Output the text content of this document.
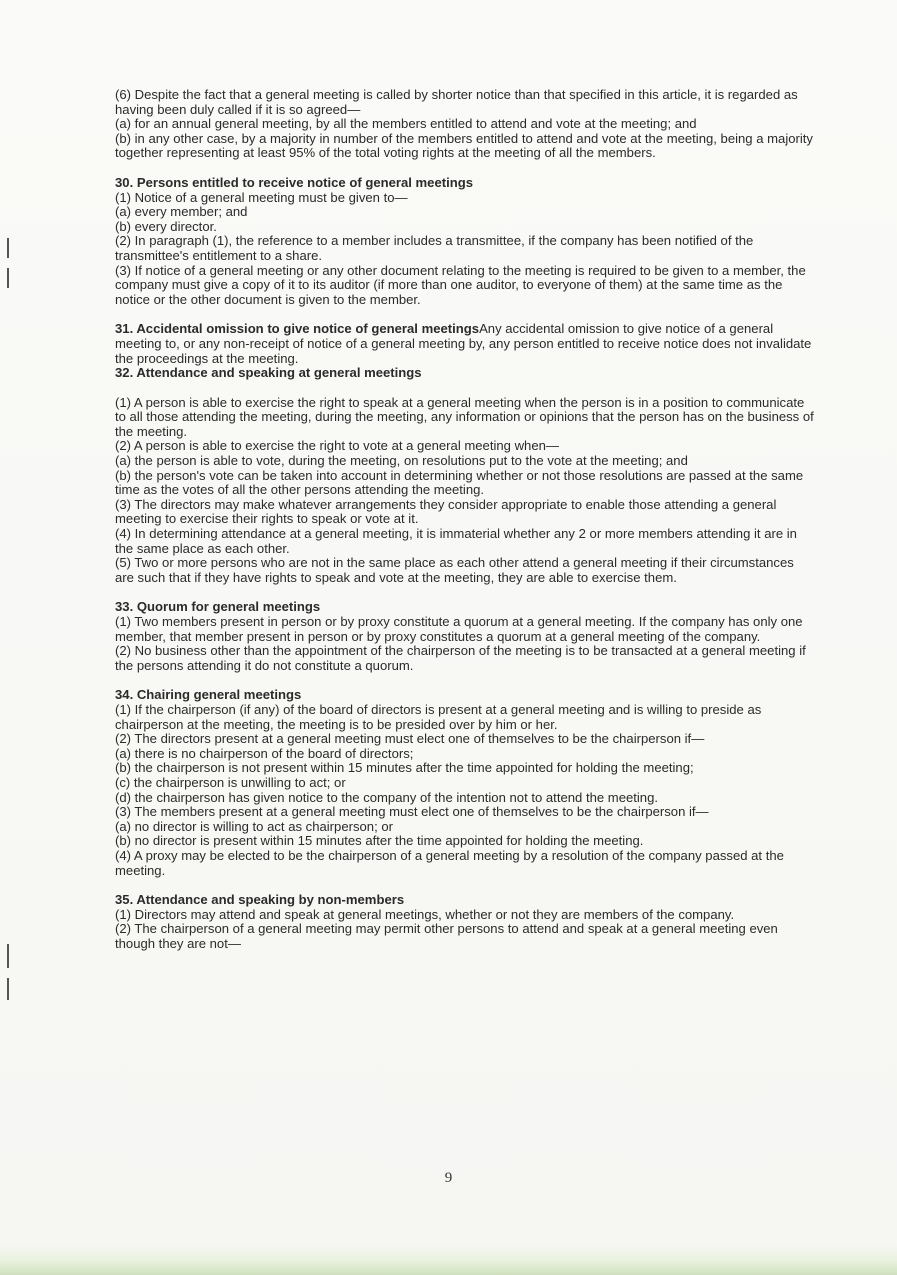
(6) Despite the fact that a general meeting is called by shorter notice than that specified in this article, it is regarded as having been duly called if it is so agreed—

(a) for an annual general meeting, by all the members entitled to attend and vote at the meeting; and

(b) in any other case, by a majority in number of the members entitled to attend and vote at the meeting, being a majority together representing at least 95% of the total voting rights at the meeting of all the members.

30. Persons entitled to receive notice of general meetings

(1) Notice of a general meeting must be given to—

(a) every member; and

(b) every director.

(2) In paragraph (1), the reference to a member includes a transmittee, if the company has been notified of the transmittee's entitlement to a share.

(3) If notice of a general meeting or any other document relating to the meeting is required to be given to a member, the company must give a copy of it to its auditor (if more than one auditor, to everyone of them) at the same time as the notice or the other document is given to the member.

31. Accidental omission to give notice of general meetingsAny accidental omission to give notice of a general meeting to, or any non-receipt of notice of a general meeting by, any person entitled to receive notice does not invalidate the proceedings at the meeting.

32. Attendance and speaking at general meetings

(1) A person is able to exercise the right to speak at a general meeting when the person is in a position to communicate to all those attending the meeting, during the meeting, any information or opinions that the person has on the business of the meeting.

(2) A person is able to exercise the right to vote at a general meeting when—

(a) the person is able to vote, during the meeting, on resolutions put to the vote at the meeting; and

(b) the person's vote can be taken into account in determining whether or not those resolutions are passed at the same time as the votes of all the other persons attending the meeting.

(3) The directors may make whatever arrangements they consider appropriate to enable those attending a general meeting to exercise their rights to speak or vote at it.

(4) In determining attendance at a general meeting, it is immaterial whether any 2 or more members attending it are in the same place as each other.

(5) Two or more persons who are not in the same place as each other attend a general meeting if their circumstances are such that if they have rights to speak and vote at the meeting, they are able to exercise them.

33. Quorum for general meetings

(1) Two members present in person or by proxy constitute a quorum at a general meeting. If the company has only one member, that member present in person or by proxy constitutes a quorum at a general meeting of the company.

(2) No business other than the appointment of the chairperson of the meeting is to be transacted at a general meeting if the persons attending it do not constitute a quorum.

34. Chairing general meetings

(1) If the chairperson (if any) of the board of directors is present at a general meeting and is willing to preside as chairperson at the meeting, the meeting is to be presided over by him or her.

(2) The directors present at a general meeting must elect one of themselves to be the chairperson if—

(a) there is no chairperson of the board of directors;

(b) the chairperson is not present within 15 minutes after the time appointed for holding the meeting;

(c) the chairperson is unwilling to act; or

(d) the chairperson has given notice to the company of the intention not to attend the meeting.

(3) The members present at a general meeting must elect one of themselves to be the chairperson if—

(a) no director is willing to act as chairperson; or

(b) no director is present within 15 minutes after the time appointed for holding the meeting.

(4) A proxy may be elected to be the chairperson of a general meeting by a resolution of the company passed at the meeting.

35. Attendance and speaking by non-members

(1) Directors may attend and speak at general meetings, whether or not they are members of the company.

(2) The chairperson of a general meeting may permit other persons to attend and speak at a general meeting even though they are not—

9
